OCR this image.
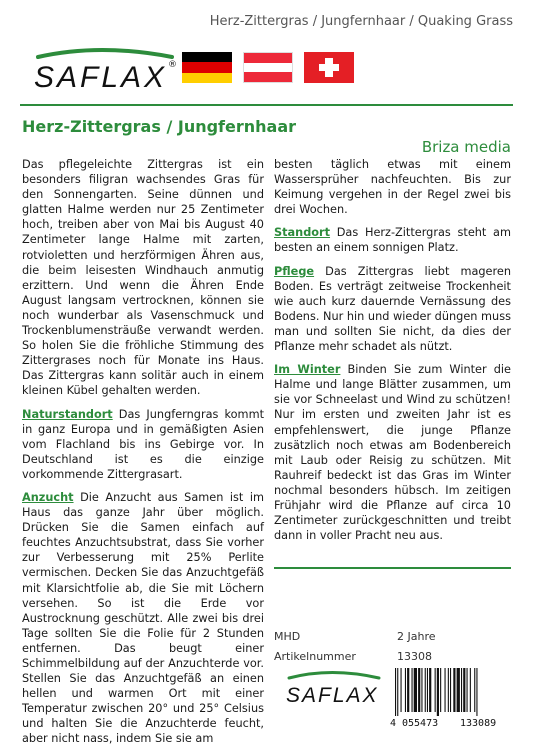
Herz-Zittergras / Jungfernhaar / Quaking Grass
SAFLAX ®
Herz-Zittergras / Jungfernhaar
Briza media

Das pflegeleichte Zittergras ist ein besonders filigran wachsendes Gras für den Sonnengarten. Seine dünnen und glatten Halme werden nur 25 Zentimeter hoch, treiben aber von Mai bis August 40 Zentimeter lange Halme mit zarten, rotvioletten und herzförmigen Ähren aus, die beim leisesten Windhauch anmutig erzittern. Und wenn die Ähren Ende August langsam vertrocknen, können sie noch wunderbar als Vasenschmuck und Trockenblumensträuße verwandt werden. So holen Sie die fröhliche Stimmung des Zittergrases noch für Monate ins Haus. Das Zittergras kann solitär auch in einem kleinen Kübel gehalten werden.

Naturstandort Das Jungferngras kommt in ganz Europa und in gemäßigten Asien vom Flachland bis ins Gebirge vor. In Deutschland ist es die einzige vorkommende Zittergrasart.

Anzucht Die Anzucht aus Samen ist im Haus das ganze Jahr über möglich. Drücken Sie die Samen einfach auf feuchtes Anzuchtsubstrat, dass Sie vorher zur Verbesserung mit 25% Perlite vermischen. Decken Sie das Anzuchtgefäß mit Klarsichtfolie ab, die Sie mit Löchern versehen. So ist die Erde vor Austrocknung geschützt. Alle zwei bis drei Tage sollten Sie die Folie für 2 Stunden entfernen. Das beugt einer Schimmelbildung auf der Anzuchterde vor. Stellen Sie das Anzuchtgefäß an einen hellen und warmen Ort mit einer Temperatur zwischen 20° und 25° Celsius und halten Sie die Anzuchterde feucht, aber nicht nass, indem Sie sie am

besten täglich etwas mit einem Wassersprüher nachfeuchten. Bis zur Keimung vergehen in der Regel zwei bis drei Wochen.

Standort Das Herz-Zittergras steht am besten an einem sonnigen Platz.

Pflege Das Zittergras liebt mageren Boden. Es verträgt zeitweise Trockenheit wie auch kurz dauernde Vernässung des Bodens. Nur hin und wieder düngen muss man und sollten Sie nicht, da dies der Pflanze mehr schadet als nützt.

Im Winter Binden Sie zum Winter die Halme und lange Blätter zusammen, um sie vor Schneelast und Wind zu schützen! Nur im ersten und zweiten Jahr ist es empfehlenswert, die junge Pflanze zusätzlich noch etwas am Bodenbereich mit Laub oder Reisig zu schützen. Mit Rauhreif bedeckt ist das Gras im Winter nochmal besonders hübsch. Im zeitigen Frühjahr wird die Pflanze auf circa 10 Zentimeter zurückgeschnitten und treibt dann in voller Pracht neu aus.

MHD	2 Jahre
Artikelnummer	13308
SAFLAX
4 055473 133089
